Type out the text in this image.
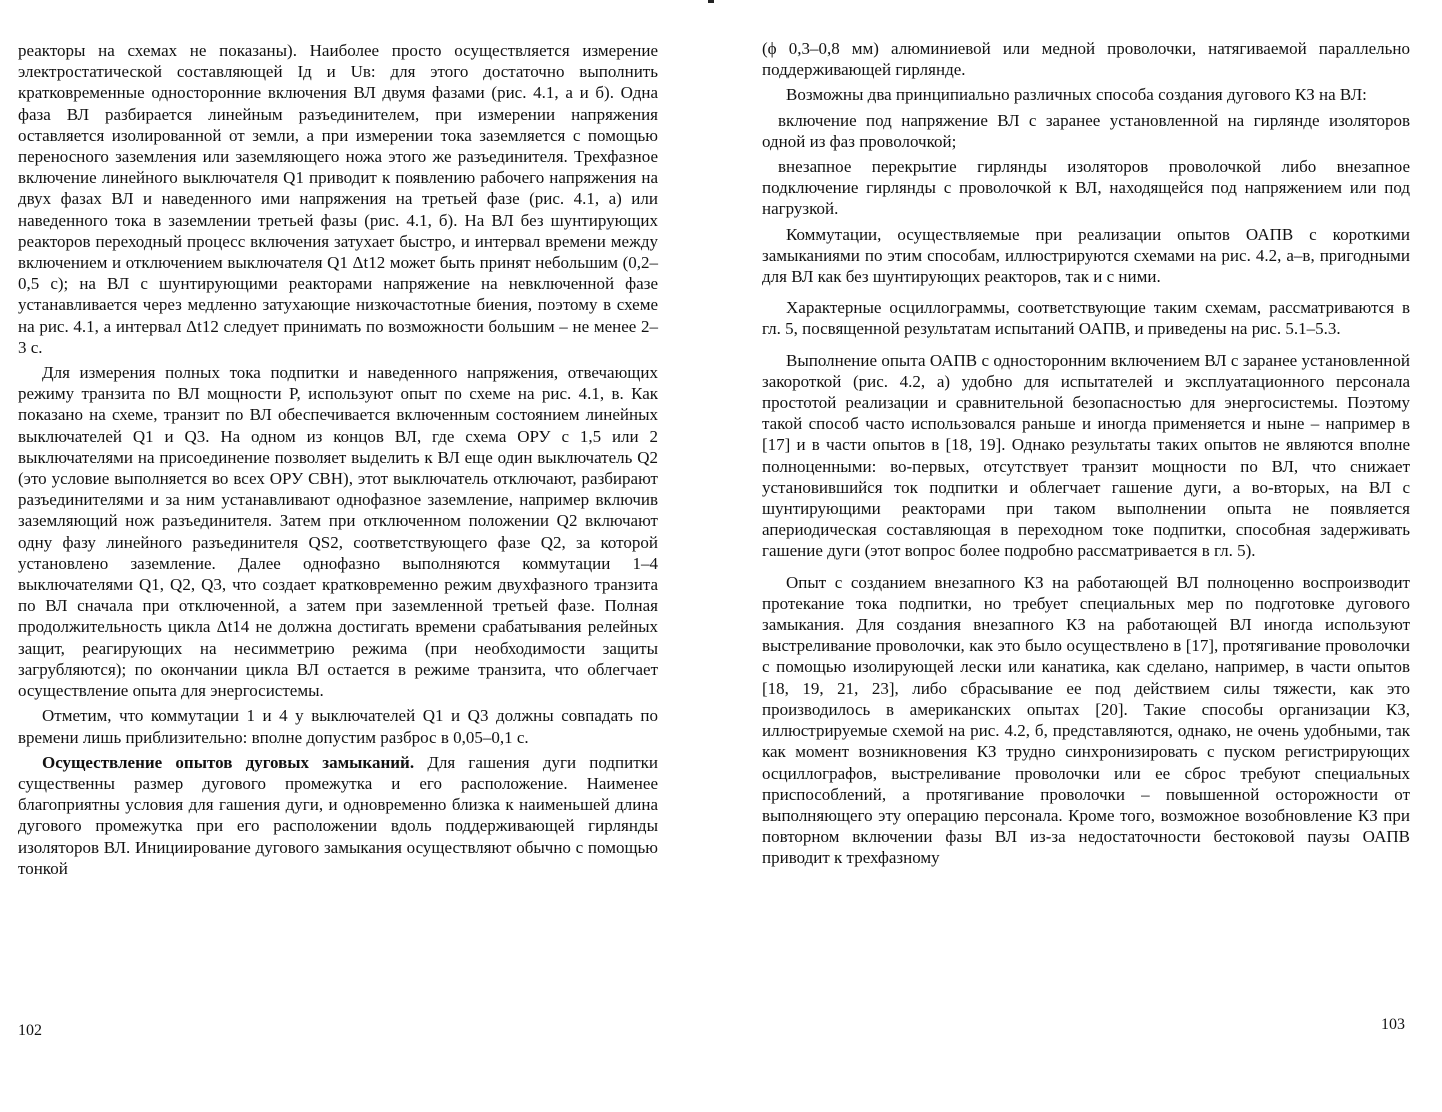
реакторы на схемах не показаны). Наиболее просто осуществляется измерение электростатической составляющей Iд и Uв: для этого достаточно выполнить кратковременные односторонние включения ВЛ двумя фазами (рис. 4.1, а и б). Одна фаза ВЛ разбирается линейным разъединителем, при измерении напряжения оставляется изолированной от земли, а при измерении тока заземляется с помощью переносного заземления или заземляющего ножа этого же разъединителя. Трехфазное включение линейного выключателя Q1 приводит к появлению рабочего напряжения на двух фазах ВЛ и наведенного ими напряжения на третьей фазе (рис. 4.1, а) или наведенного тока в заземлении третьей фазы (рис. 4.1, б). На ВЛ без шунтирующих реакторов переходный процесс включения затухает быстро, и интервал времени между включением и отключением выключателя Q1 Δt12 может быть принят небольшим (0,2–0,5 с); на ВЛ с шунтирующими реакторами напряжение на невключенной фазе устанавливается через медленно затухающие низкочастотные биения, поэтому в схеме на рис. 4.1, а интервал Δt12 следует принимать по возможности большим – не менее 2–3 с.

Для измерения полных тока подпитки и наведенного напряжения, отвечающих режиму транзита по ВЛ мощности P, используют опыт по схеме на рис. 4.1, в. Как показано на схеме, транзит по ВЛ обеспечивается включенным состоянием линейных выключателей Q1 и Q3. На одном из концов ВЛ, где схема ОРУ с 1,5 или 2 выключателями на присоединение позволяет выделить к ВЛ еще один выключатель Q2 (это условие выполняется во всех ОРУ СВН), этот выключатель отключают, разбирают разъединителями и за ним устанавливают однофазное заземление, например включив заземляющий нож разъединителя. Затем при отключенном положении Q2 включают одну фазу линейного разъединителя QS2, соответствующего фазе Q2, за которой установлено заземление. Далее однофазно выполняются коммутации 1–4 выключателями Q1, Q2, Q3, что создает кратковременно режим двухфазного транзита по ВЛ сначала при отключенной, а затем при заземленной третьей фазе. Полная продолжительность цикла Δt14 не должна достигать времени срабатывания релейных защит, реагирующих на несимметрию режима (при необходимости защиты загрубляются); по окончании цикла ВЛ остается в режиме транзита, что облегчает осуществление опыта для энергосистемы.

Отметим, что коммутации 1 и 4 у выключателей Q1 и Q3 должны совпадать по времени лишь приблизительно: вполне допустим разброс в 0,05–0,1 с.

Осуществление опытов дуговых замыканий. Для гашения дуги подпитки существенны размер дугового промежутка и его расположение. Наименее благоприятны условия для гашения дуги, и одновременно близка к наименьшей длина дугового промежутка при его расположении вдоль поддерживающей гирлянды изоляторов ВЛ. Инициирование дугового замыкания осуществляют обычно с помощью тонкой

102

(ϕ 0,3–0,8 мм) алюминиевой или медной проволочки, натягиваемой параллельно поддерживающей гирлянде.

Возможны два принципиально различных способа создания дугового КЗ на ВЛ:

включение под напряжение ВЛ с заранее установленной на гирлянде изоляторов одной из фаз проволочкой;

внезапное перекрытие гирлянды изоляторов проволочкой либо внезапное подключение гирлянды с проволочкой к ВЛ, находящейся под напряжением или под нагрузкой.

Коммутации, осуществляемые при реализации опытов ОАПВ с короткими замыканиями по этим способам, иллюстрируются схемами на рис. 4.2, а–в, пригодными для ВЛ как без шунтирующих реакторов, так и с ними.

Характерные осциллограммы, соответствующие таким схемам, рассматриваются в гл. 5, посвященной результатам испытаний ОАПВ, и приведены на рис. 5.1–5.3.

Выполнение опыта ОАПВ с односторонним включением ВЛ с заранее установленной закороткой (рис. 4.2, а) удобно для испытателей и эксплуатационного персонала простотой реализации и сравнительной безопасностью для энергосистемы. Поэтому такой способ часто использовался раньше и иногда применяется и ныне – например в [17] и в части опытов в [18, 19]. Однако результаты таких опытов не являются вполне полноценными: во-первых, отсутствует транзит мощности по ВЛ, что снижает установившийся ток подпитки и облегчает гашение дуги, а во-вторых, на ВЛ с шунтирующими реакторами при таком выполнении опыта не появляется апериодическая составляющая в переходном токе подпитки, способная задерживать гашение дуги (этот вопрос более подробно рассматривается в гл. 5).

Опыт с созданием внезапного КЗ на работающей ВЛ полноценно воспроизводит протекание тока подпитки, но требует специальных мер по подготовке дугового замыкания. Для создания внезапного КЗ на работающей ВЛ иногда используют выстреливание проволочки, как это было осуществлено в [17], протягивание проволочки с помощью изолирующей лески или канатика, как сделано, например, в части опытов [18, 19, 21, 23], либо сбрасывание ее под действием силы тяжести, как это производилось в американских опытах [20]. Такие способы организации КЗ, иллюстрируемые схемой на рис. 4.2, б, представляются, однако, не очень удобными, так как момент возникновения КЗ трудно синхронизировать с пуском регистрирующих осциллографов, выстреливание проволочки или ее сброс требуют специальных приспособлений, а протягивание проволочки – повышенной осторожности от выполняющего эту операцию персонала. Кроме того, возможное возобновление КЗ при повторном включении фазы ВЛ из-за недостаточности бестоковой паузы ОАПВ приводит к трехфазному

103
